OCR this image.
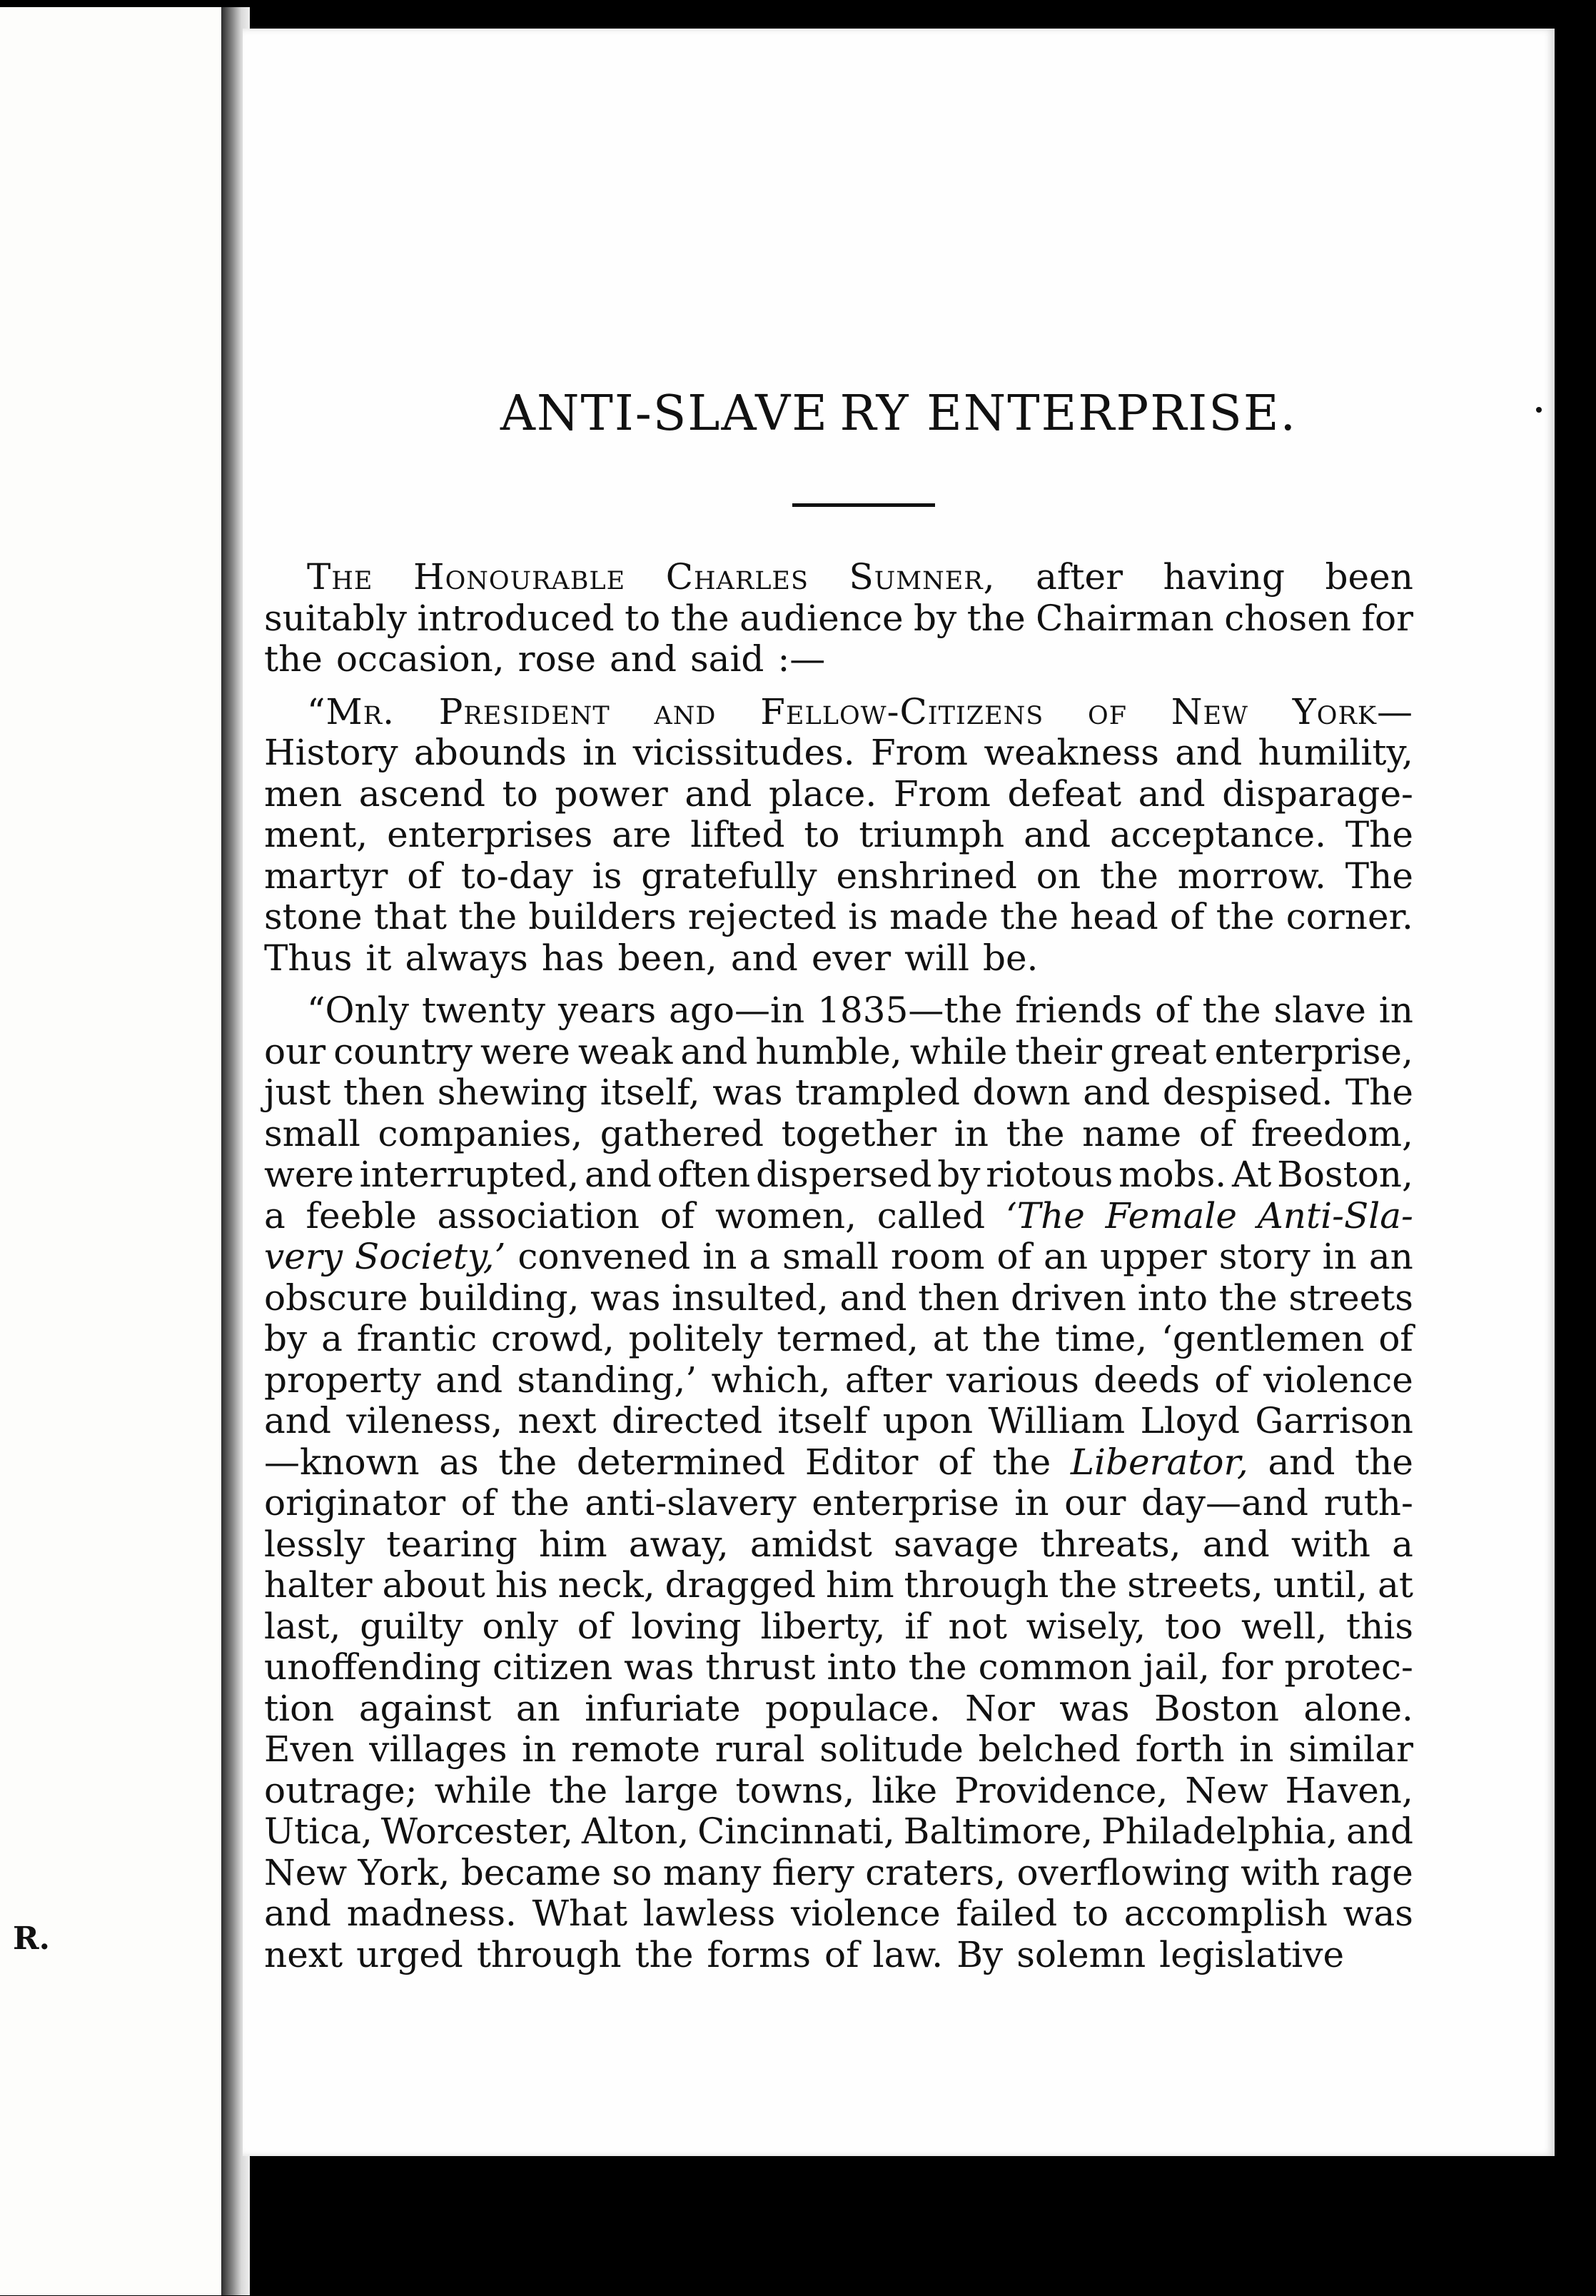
R.
ANTI-SLAVE RY ENTERPRISE.
The Honourable Charles Sumner, after having been
suitably introduced to the audience by the Chairman chosen for
the occasion, rose and said :—
“Mr. President and Fellow-Citizens of New York—
History abounds in vicissitudes. From weakness and humility,
men ascend to power and place. From defeat and disparage-
ment, enterprises are lifted to triumph and acceptance. The
martyr of to-day is gratefully enshrined on the morrow. The
stone that the builders rejected is made the head of the corner.
Thus it always has been, and ever will be.
“Only twenty years ago—in 1835—the friends of the slave in
our country were weak and humble, while their great enterprise,
just then shewing itself, was trampled down and despised. The
small companies, gathered together in the name of freedom,
were interrupted, and often dispersed by riotous mobs. At Boston,
a feeble association of women, called ‘The Female Anti-Sla-
very Society,’ convened in a small room of an upper story in an
obscure building, was insulted, and then driven into the streets
by a frantic crowd, politely termed, at the time, ‘gentlemen of
property and standing,’ which, after various deeds of violence
and vileness, next directed itself upon William Lloyd Garrison
—known as the determined Editor of the Liberator, and the
originator of the anti-slavery enterprise in our day—and ruth-
lessly tearing him away, amidst savage threats, and with a
halter about his neck, dragged him through the streets, until, at
last, guilty only of loving liberty, if not wisely, too well, this
unoffending citizen was thrust into the common jail, for protec-
tion against an infuriate populace. Nor was Boston alone.
Even villages in remote rural solitude belched forth in similar
outrage; while the large towns, like Providence, New Haven,
Utica, Worcester, Alton, Cincinnati, Baltimore, Philadelphia, and
New York, became so many fiery craters, overflowing with rage
and madness. What lawless violence failed to accomplish was
next urged through the forms of law. By solemn legislative
